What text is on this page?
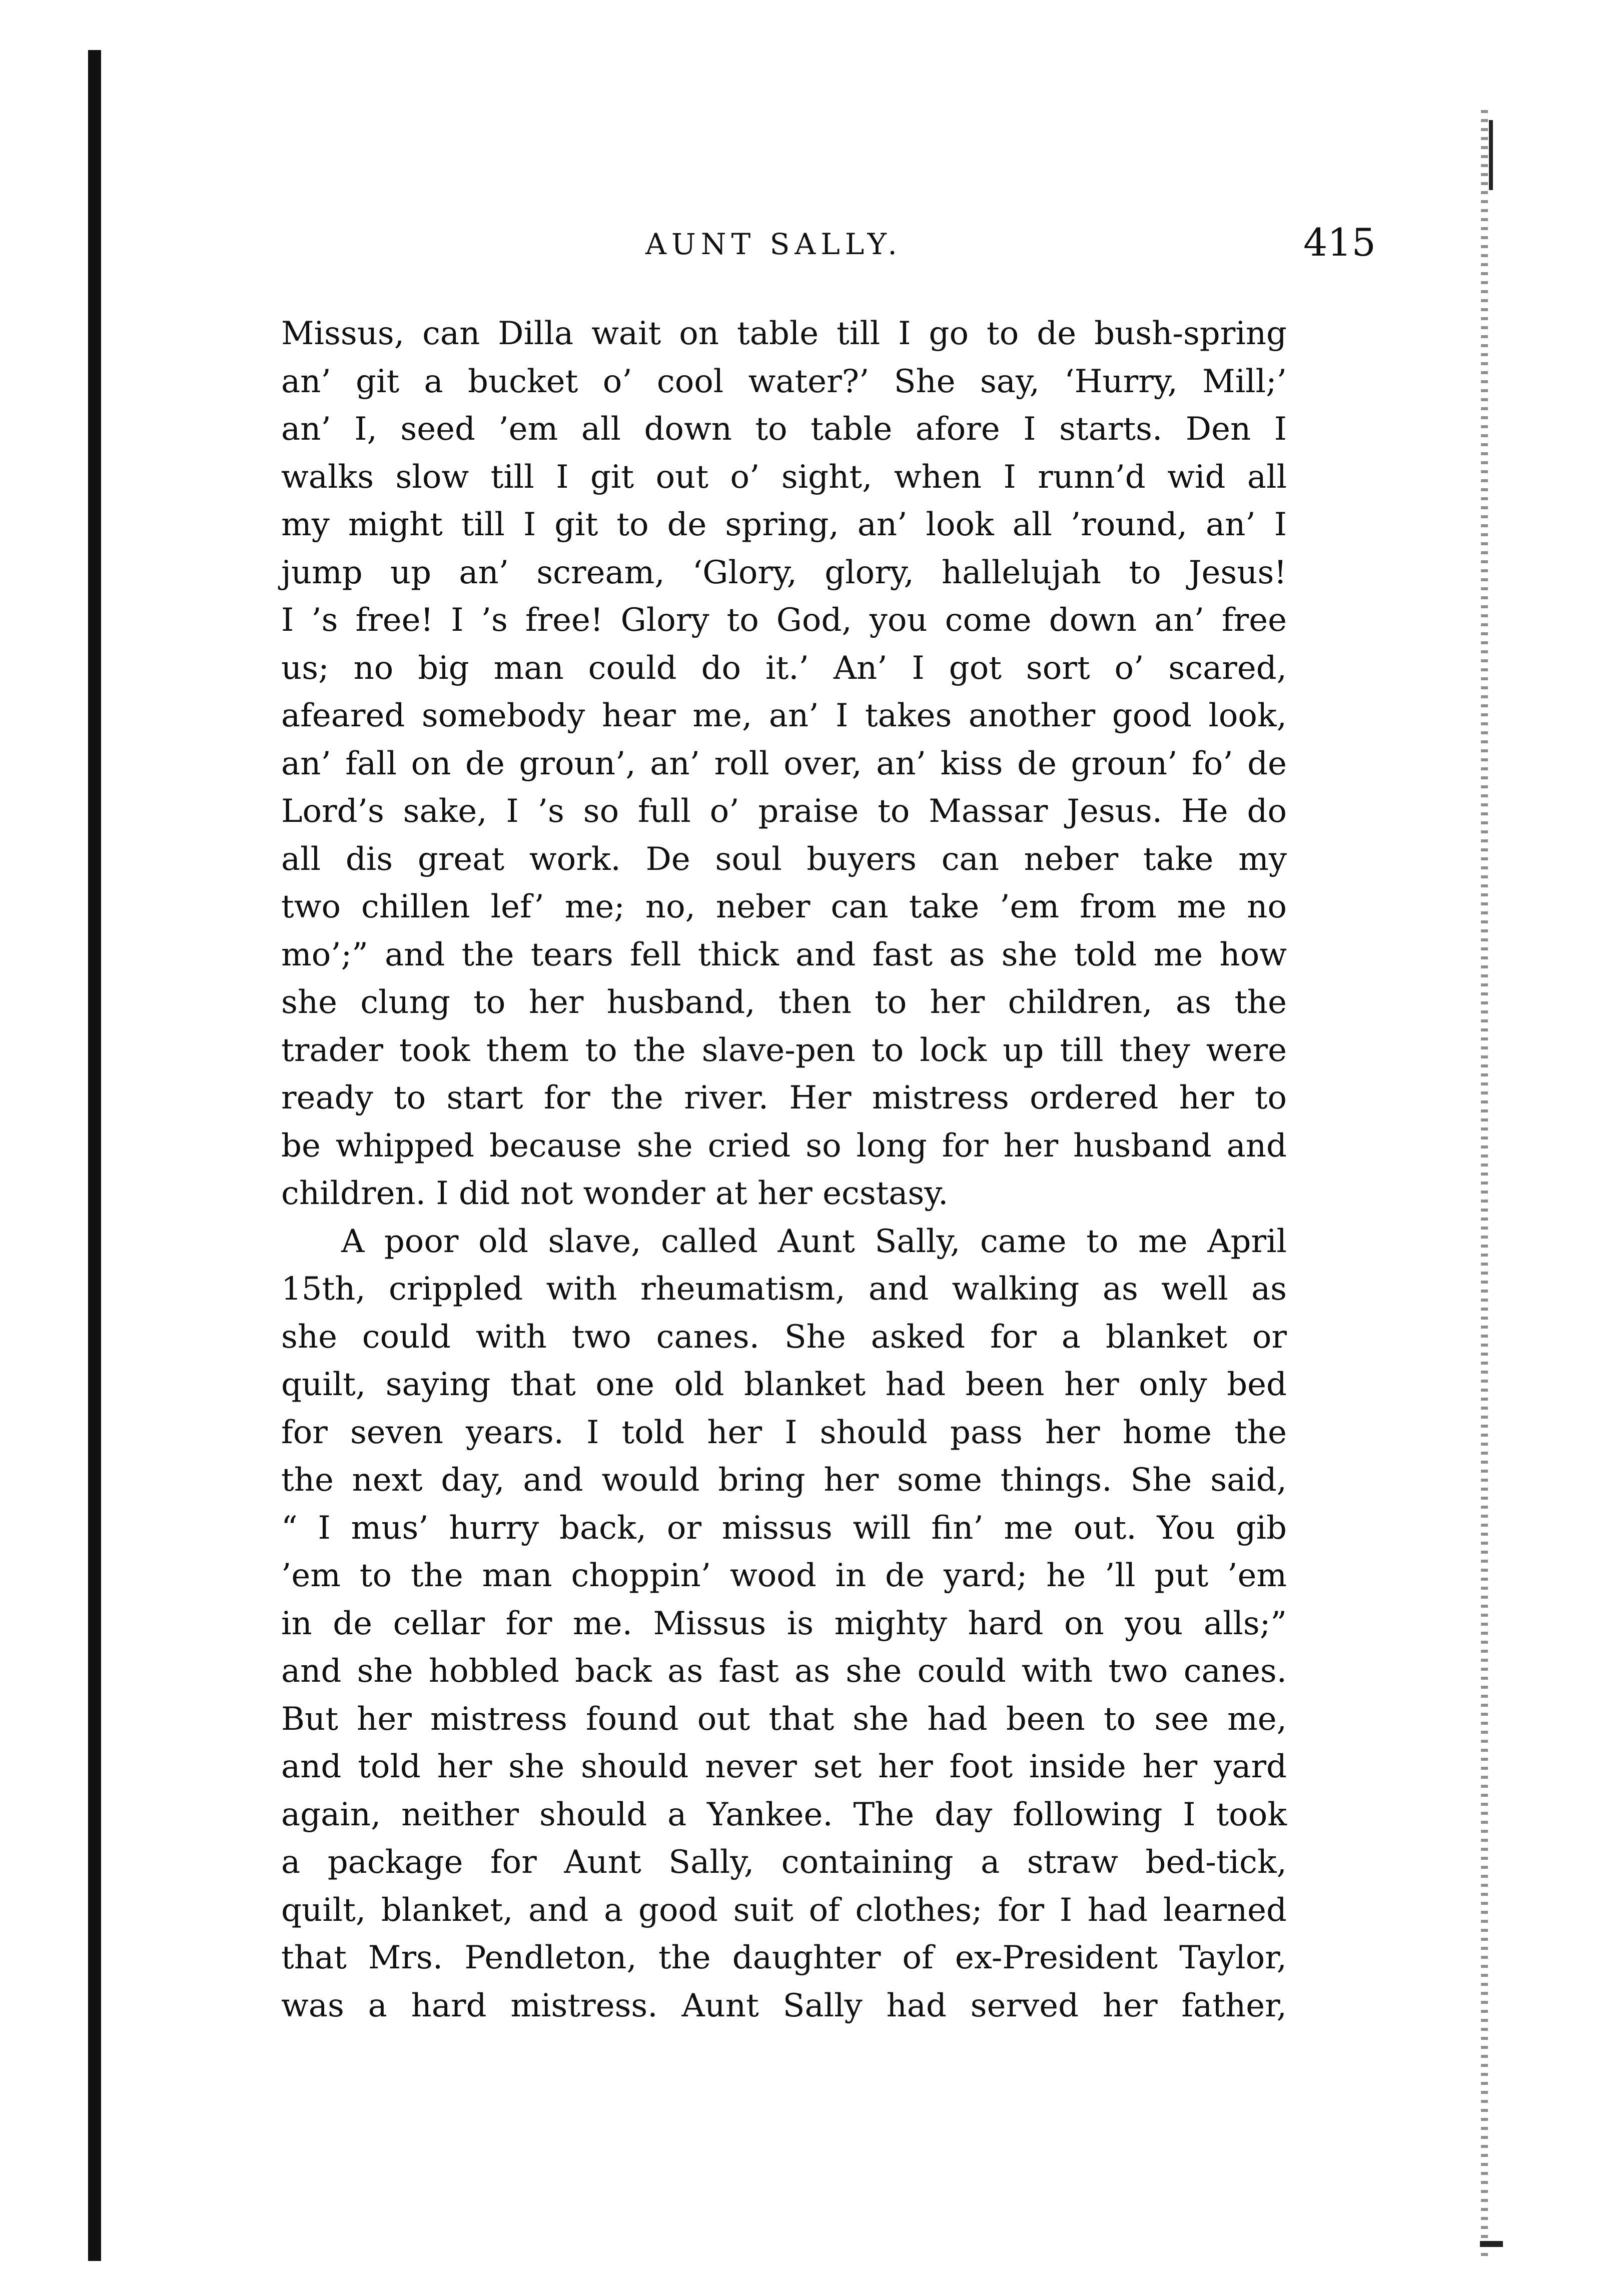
AUNT SALLY.	415
Missus, can Dilla wait on table till I go to de bush-spring
an’ git a bucket o’ cool water?’ She say, ‘Hurry, Mill;’
an’ I, seed ’em all down to table afore I starts. Den I
walks slow till I git out o’ sight, when I runn’d wid all
my might till I git to de spring, an’ look all ’round, an’ I
jump up an’ scream, ‘Glory, glory, hallelujah to Jesus!
I ’s free! I ’s free! Glory to God, you come down an’ free
us; no big man could do it.’ An’ I got sort o’ scared,
afeared somebody hear me, an’ I takes another good look,
an’ fall on de groun’, an’ roll over, an’ kiss de groun’ fo’ de
Lord’s sake, I ’s so full o’ praise to Massar Jesus. He do
all dis great work. De soul buyers can neber take my
two chillen lef’ me; no, neber can take ’em from me no
mo’;” and the tears fell thick and fast as she told me how
she clung to her husband, then to her children, as the
trader took them to the slave-pen to lock up till they were
ready to start for the river. Her mistress ordered her to
be whipped because she cried so long for her husband and
children. I did not wonder at her ecstasy.
A poor old slave, called Aunt Sally, came to me April
15th, crippled with rheumatism, and walking as well as
she could with two canes. She asked for a blanket or
quilt, saying that one old blanket had been her only bed
for seven years. I told her I should pass her home the
the next day, and would bring her some things. She said,
“ I mus’ hurry back, or missus will fin’ me out. You gib
’em to the man choppin’ wood in de yard; he ’ll put ’em
in de cellar for me. Missus is mighty hard on you alls;”
and she hobbled back as fast as she could with two canes.
But her mistress found out that she had been to see me,
and told her she should never set her foot inside her yard
again, neither should a Yankee. The day following I took
a package for Aunt Sally, containing a straw bed-tick,
quilt, blanket, and a good suit of clothes; for I had learned
that Mrs. Pendleton, the daughter of ex-President Taylor,
was a hard mistress. Aunt Sally had served her father,
